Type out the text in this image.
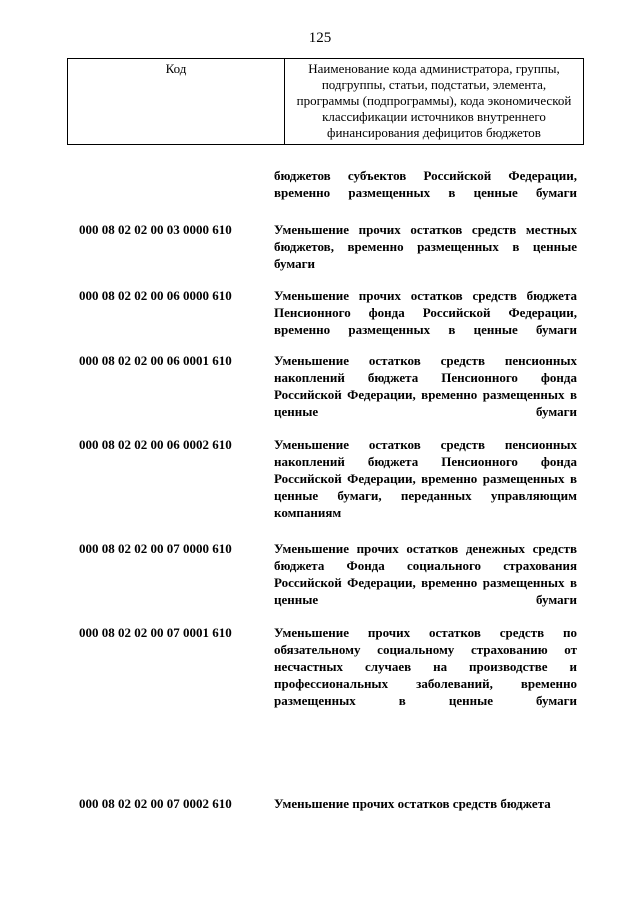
125
Код	Наименование кода администратора, группы, подгруппы, статьи, подстатьи, элемента, программы (подпрограммы), кода экономической классификации источников внутреннего финансирования дефицитов бюджетов
бюджетов субъектов Российской Федерации, временно размещенных в ценные бумаги
000 08 02 02 00 03 0000 610	Уменьшение прочих остатков средств местных бюджетов, временно размещенных в ценные бумаги
000 08 02 02 00 06 0000 610	Уменьшение прочих остатков средств бюджета Пенсионного фонда Российской Федерации, временно размещенных в ценные бумаги
000 08 02 02 00 06 0001 610	Уменьшение остатков средств пенсионных накоплений бюджета Пенсионного фонда Российской Федерации, временно размещенных в ценные бумаги
000 08 02 02 00 06 0002 610	Уменьшение остатков средств пенсионных накоплений бюджета Пенсионного фонда Российской Федерации, временно размещенных в ценные бумаги, переданных управляющим компаниям
000 08 02 02 00 07 0000 610	Уменьшение прочих остатков денежных средств бюджета Фонда социального страхования Российской Федерации, временно размещенных в ценные бумаги
000 08 02 02 00 07 0001 610	Уменьшение прочих остатков средств по обязательному социальному страхованию от несчастных случаев на производстве и профессиональных заболеваний, временно размещенных в ценные бумаги
000 08 02 02 00 07 0002 610	Уменьшение прочих остатков средств бюджета
